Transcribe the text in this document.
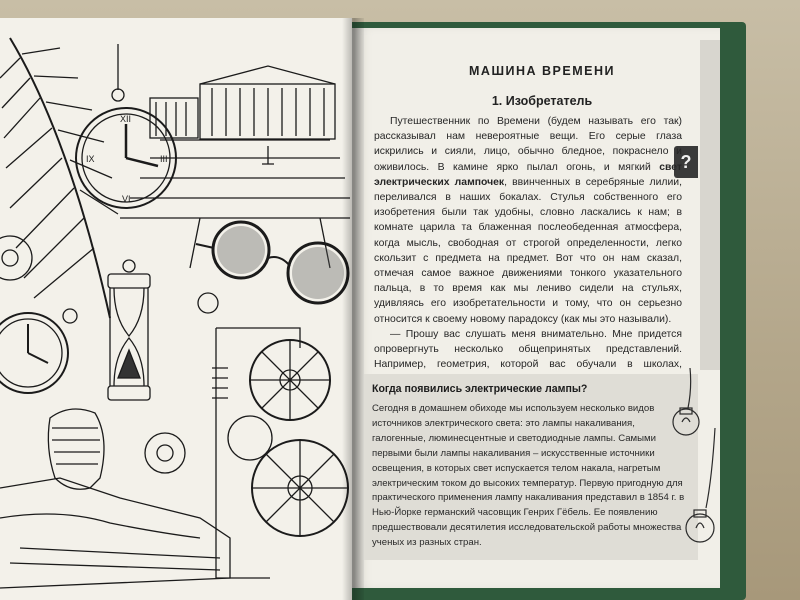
XII
III
VI
IX	?
МАШИНА ВРЕМЕНИ
1. Изобретатель

Путешественник по Времени (будем называть его так) рассказывал нам невероятные вещи. Его серые глаза искрились и сияли, лицо, обычно бледное, покраснело и оживилось. В камине ярко пылал огонь, и мягкий свет электрических лампочек, ввинченных в серебряные лилии, переливался в наших бокалах. Стулья собственного его изобретения были так удобны, словно ласкались к нам; в комнате царила та блаженная послеобеденная атмосфера, когда мысль, свободная от строгой определенности, легко скользит с предмета на предмет. Вот что он нам сказал, отмечая самое важное движениями тонкого указательного пальца, в то время как мы лениво сидели на стульях, удивляясь его изобретательности и тому, что он серьезно относится к своему новому парадоксу (как мы это называли).

— Прошу вас слушать меня внимательно. Мне придется опровергнуть несколько общепринятых представлений. Например, геометрия, которой вас обучали в школах,

Когда появились электрические лампы?
Сегодня в домашнем обиходе мы используем несколько видов источников электрического света: это лампы накаливания, галогенные, люминесцентные и светодиодные лампы. Самыми первыми были лампы накаливания – искусственные источники освещения, в которых свет испускается телом накала, нагретым электрическим током до высоких температур. Первую пригодную для практического применения лампу накаливания представил в 1854 г. в Нью-Йорке германский часовщик Генрих Гёбель. Ее появлению предшествовали десятилетия исследовательской работы множества ученых из разных стран.
